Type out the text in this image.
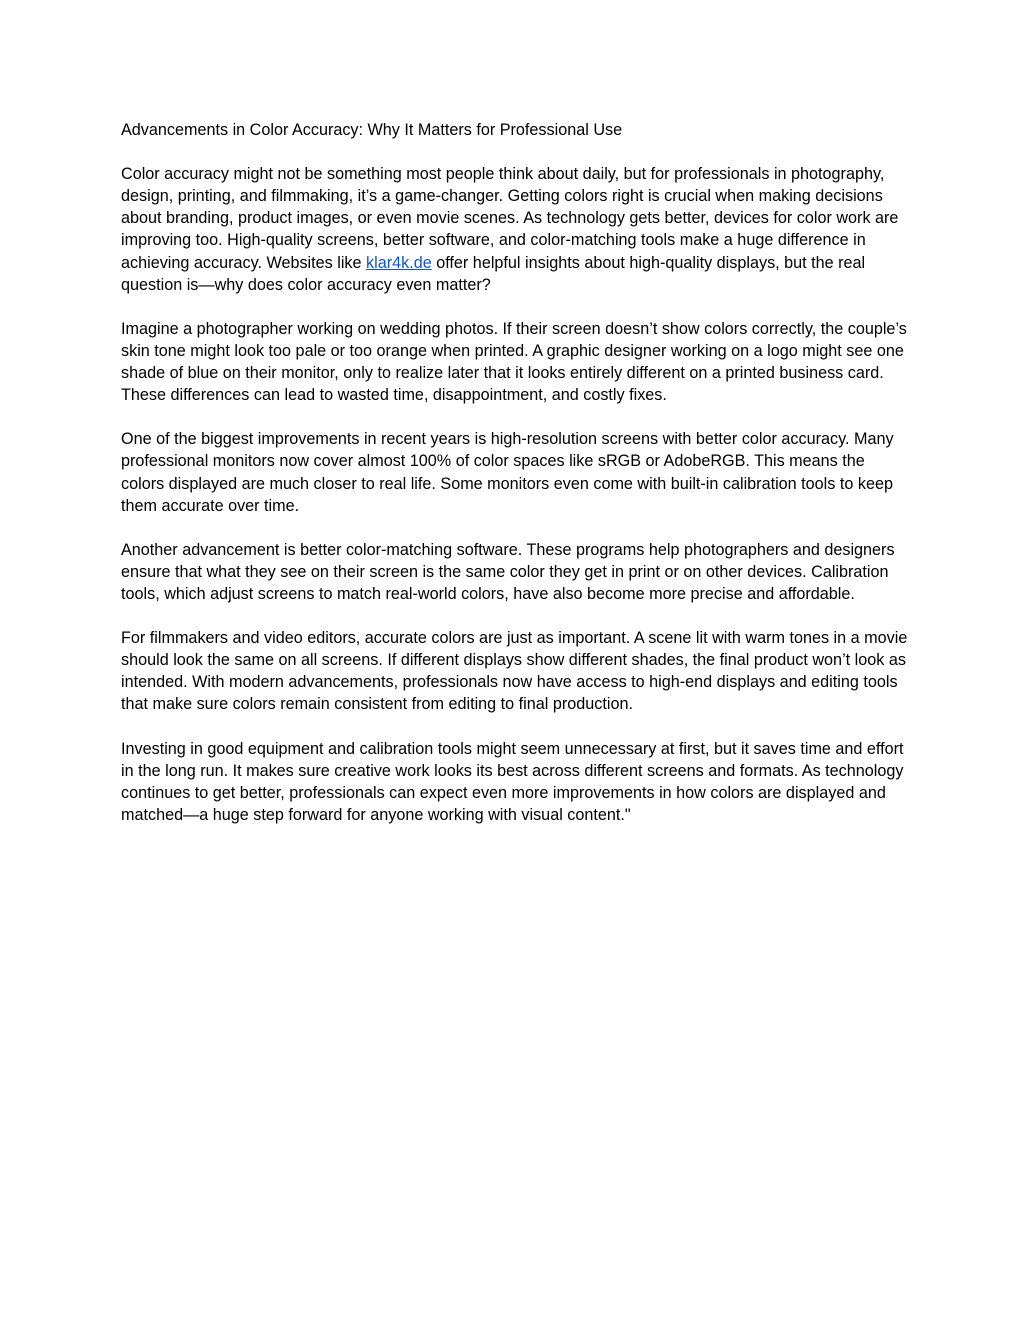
Advancements in Color Accuracy: Why It Matters for Professional Use

Color accuracy might not be something most people think about daily, but for professionals in photography, design, printing, and filmmaking, it’s a game-changer. Getting colors right is crucial when making decisions about branding, product images, or even movie scenes. As technology gets better, devices for color work are improving too. High-quality screens, better software, and color-matching tools make a huge difference in achieving accuracy. Websites like klar4k.de offer helpful insights about high-quality displays, but the real question is—why does color accuracy even matter?

Imagine a photographer working on wedding photos. If their screen doesn’t show colors correctly, the couple’s skin tone might look too pale or too orange when printed. A graphic designer working on a logo might see one shade of blue on their monitor, only to realize later that it looks entirely different on a printed business card. These differences can lead to wasted time, disappointment, and costly fixes.

One of the biggest improvements in recent years is high-resolution screens with better color accuracy. Many professional monitors now cover almost 100% of color spaces like sRGB or AdobeRGB. This means the colors displayed are much closer to real life. Some monitors even come with built-in calibration tools to keep them accurate over time.

Another advancement is better color-matching software. These programs help photographers and designers ensure that what they see on their screen is the same color they get in print or on other devices. Calibration tools, which adjust screens to match real-world colors, have also become more precise and affordable.

For filmmakers and video editors, accurate colors are just as important. A scene lit with warm tones in a movie should look the same on all screens. If different displays show different shades, the final product won’t look as intended. With modern advancements, professionals now have access to high-end displays and editing tools that make sure colors remain consistent from editing to final production.

Investing in good equipment and calibration tools might seem unnecessary at first, but it saves time and effort in the long run. It makes sure creative work looks its best across different screens and formats. As technology continues to get better, professionals can expect even more improvements in how colors are displayed and matched—a huge step forward for anyone working with visual content."
